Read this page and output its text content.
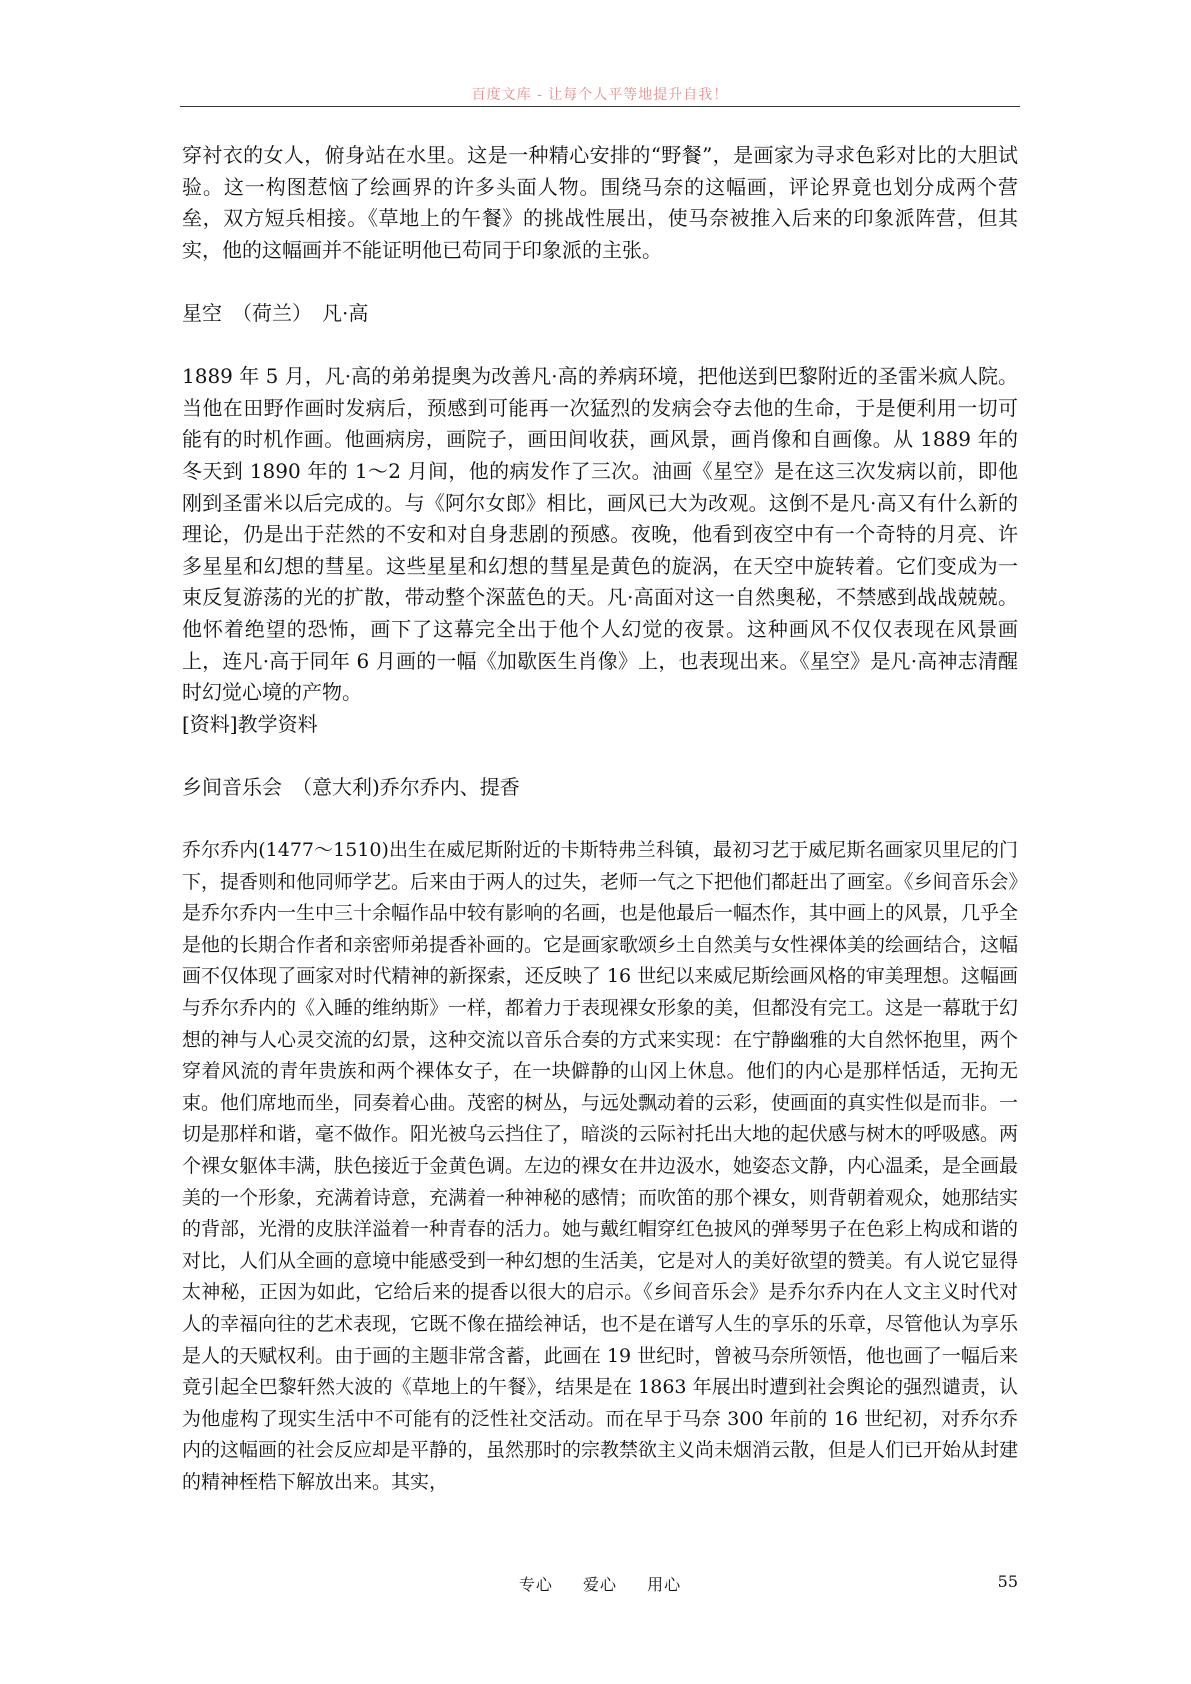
百度文库 - 让每个人平等地提升自我！

穿衬衣的女人，俯身站在水里。这是一种精心安排的“野餐”，是画家为寻求色彩对比的大胆试验。这一构图惹恼了绘画界的许多头面人物。围绕马奈的这幅画，评论界竟也划分成两个营垒，双方短兵相接。《草地上的午餐》的挑战性展出，使马奈被推入后来的印象派阵营，但其实，他的这幅画并不能证明他已苟同于印象派的主张。

星空　（荷兰）　凡·高

1889 年 5 月，凡·高的弟弟提奥为改善凡·高的养病环境，把他送到巴黎附近的圣雷米疯人院。当他在田野作画时发病后，预感到可能再一次猛烈的发病会夺去他的生命，于是便利用一切可能有的时机作画。他画病房，画院子，画田间收获，画风景，画肖像和自画像。从 1889 年的冬天到 1890 年的 1～2 月间，他的病发作了三次。油画《星空》是在这三次发病以前，即他刚到圣雷米以后完成的。与《阿尔女郎》相比，画风已大为改观。这倒不是凡·高又有什么新的理论，仍是出于茫然的不安和对自身悲剧的预感。夜晚，他看到夜空中有一个奇特的月亮、许多星星和幻想的彗星。这些星星和幻想的彗星是黄色的旋涡，在天空中旋转着。它们变成为一束反复游荡的光的扩散，带动整个深蓝色的天。凡·高面对这一自然奥秘，不禁感到战战兢兢。他怀着绝望的恐怖，画下了这幕完全出于他个人幻觉的夜景。这种画风不仅仅表现在风景画上，连凡·高于同年 6 月画的一幅《加歇医生肖像》上，也表现出来。《星空》是凡·高神志清醒时幻觉心境的产物。

[资料]教学资料

乡间音乐会　（意大利)乔尔乔内、提香

乔尔乔内(1477～1510)出生在威尼斯附近的卡斯特弗兰科镇，最初习艺于威尼斯名画家贝里尼的门下，提香则和他同师学艺。后来由于两人的过失，老师一气之下把他们都赶出了画室。《乡间音乐会》是乔尔乔内一生中三十余幅作品中较有影响的名画，也是他最后一幅杰作，其中画上的风景，几乎全是他的长期合作者和亲密师弟提香补画的。它是画家歌颂乡土自然美与女性裸体美的绘画结合，这幅画不仅体现了画家对时代精神的新探索，还反映了 16 世纪以来威尼斯绘画风格的审美理想。这幅画与乔尔乔内的《入睡的维纳斯》一样，都着力于表现裸女形象的美，但都没有完工。这是一幕耽于幻想的神与人心灵交流的幻景，这种交流以音乐合奏的方式来实现：在宁静幽雅的大自然怀抱里，两个穿着风流的青年贵族和两个裸体女子，在一块僻静的山冈上休息。他们的内心是那样恬适，无拘无束。他们席地而坐，同奏着心曲。茂密的树丛，与远处飘动着的云彩，使画面的真实性似是而非。一切是那样和谐，毫不做作。阳光被乌云挡住了，暗淡的云际衬托出大地的起伏感与树木的呼吸感。两个裸女躯体丰满，肤色接近于金黄色调。左边的裸女在井边汲水，她姿态文静，内心温柔，是全画最美的一个形象，充满着诗意，充满着一种神秘的感情；而吹笛的那个裸女，则背朝着观众，她那结实的背部，光滑的皮肤洋溢着一种青春的活力。她与戴红帽穿红色披风的弹琴男子在色彩上构成和谐的对比，人们从全画的意境中能感受到一种幻想的生活美，它是对人的美好欲望的赞美。有人说它显得太神秘，正因为如此，它给后来的提香以很大的启示。《乡间音乐会》是乔尔乔内在人文主义时代对人的幸福向往的艺术表现，它既不像在描绘神话，也不是在谱写人生的享乐的乐章，尽管他认为享乐是人的天赋权利。由于画的主题非常含蓄，此画在 19 世纪时，曾被马奈所领悟，他也画了一幅后来竟引起全巴黎轩然大波的《草地上的午餐》，结果是在 1863 年展出时遭到社会舆论的强烈谴责，认为他虚构了现实生活中不可能有的泛性社交活动。而在早于马奈 300 年前的 16 世纪初，对乔尔乔内的这幅画的社会反应却是平静的，虽然那时的宗教禁欲主义尚未烟消云散，但是人们已开始从封建的精神桎梏下解放出来。其实，

专心 爱心 用心	55
